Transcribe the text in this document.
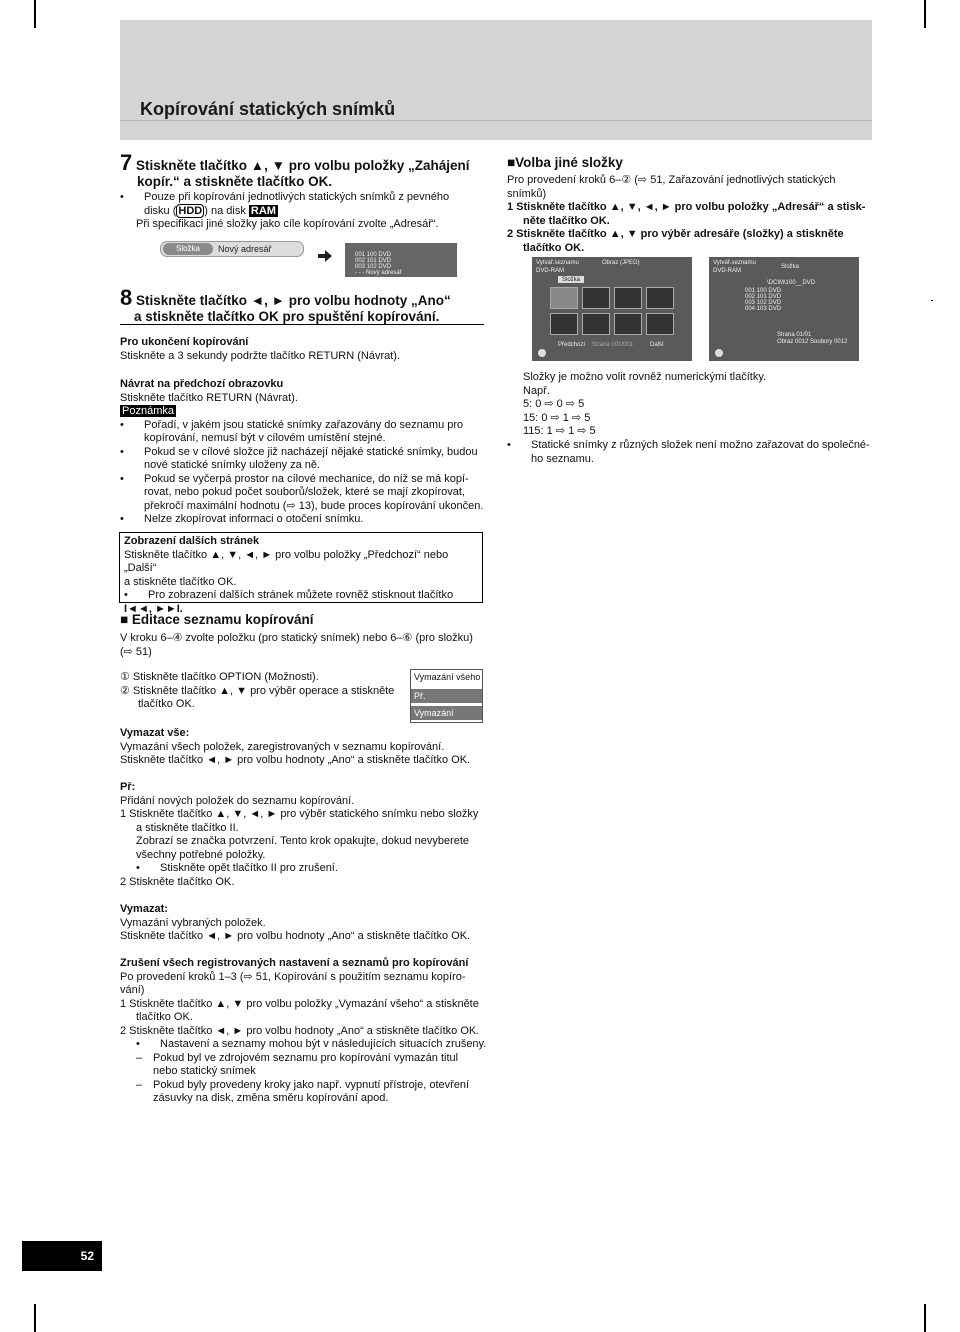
Kopírování statických snímků
7 Stiskněte tlačítko ▲, ▼ pro volbu položky „Zahájení
kopír.“ a stiskněte tlačítko OK.
• Pouze při kopírování jednotlivých statických snímků z pevného
disku ( HDD ) na disk RAM
Při specifikaci jiné složky jako cíle kopírování zvolte „Adresář“.
Složka	Nový adresář
001 100 DVD
002 101 DVD
003 102 DVD
- - - Nový adresář
8 Stiskněte tlačítko ◄, ► pro volbu hodnoty „Ano“
a stiskněte tlačítko OK pro spuštění kopírování.
Pro ukončení kopírování
Stiskněte a 3 sekundy podržte tlačítko RETURN (Návrat).
Návrat na předchozí obrazovku
Stiskněte tlačítko RETURN (Návrat).
Poznámka
• Pořadí, v jakém jsou statické snímky zařazovány do seznamu pro
kopírování, nemusí být v cílovém umístění stejné.
• Pokud se v cílové složce již nacházejí nějaké statické snímky, budou
nové statické snímky uloženy za ně.
• Pokud se vyčerpá prostor na cílové mechanice, do níž se má kopí-
rovat, nebo pokud počet souborů/složek, které se mají zkopírovat,
překročí maximální hodnotu (⇨ 13), bude proces kopírování ukončen.
• Nelze zkopírovat informaci o otočení snímku.
Zobrazení dalších stránek
Stiskněte tlačítko ▲, ▼, ◄, ► pro volbu položky „Předchozí“ nebo „Další“
a stiskněte tlačítko OK.
• Pro zobrazení dalších stránek můžete rovněž stisknout tlačítko
I◄◄, ►►I.
■ Editace seznamu kopírování
V kroku 6–④ zvolte položku (pro statický snímek) nebo 6–⑥ (pro složku)
(⇨ 51)
① Stiskněte tlačítko OPTION (Možnosti).
② Stiskněte tlačítko ▲, ▼ pro výběr operace a stiskněte
tlačítko OK.
Vymazání všeho
Př.
Vymazání
Vymazat vše:
Vymazání všech položek, zaregistrovaných v seznamu kopírování.
Stiskněte tlačítko ◄, ► pro volbu hodnoty „Ano“ a stiskněte tlačítko OK.
Př:
Přidání nových položek do seznamu kopírování.
1 Stiskněte tlačítko ▲, ▼, ◄, ► pro výběr statického snímku nebo složky
a stiskněte tlačítko II.
Zobrazí se značka potvrzení. Tento krok opakujte, dokud nevyberete
všechny potřebné položky.
• Stiskněte opět tlačítko II pro zrušení.
2 Stiskněte tlačítko OK.
Vymazat:
Vymazání vybraných položek.
Stiskněte tlačítko ◄, ► pro volbu hodnoty „Ano“ a stiskněte tlačítko OK.
Zrušení všech registrovaných nastavení a seznamů pro kopírování
Po provedení kroků 1–3 (⇨ 51, Kopírování s použitím seznamu kopíro-
vání)
1 Stiskněte tlačítko ▲, ▼ pro volbu položky „Vymazání všeho“ a stiskněte
tlačítko OK.
2 Stiskněte tlačítko ◄, ► pro volbu hodnoty „Ano“ a stiskněte tlačítko OK.
• Nastavení a seznamy mohou být v následujících situacích zrušeny.
– Pokud byl ve zdrojovém seznamu pro kopírování vymazán titul
nebo statický snímek
– Pokud byly provedeny kroky jako např. vypnutí přístroje, otevření
zásuvky na disk, změna směru kopírování apod.
■Volba jiné složky
Pro provedení kroků 6–② (⇨ 51, Zařazování jednotlivých statických
snímků)
1 Stiskněte tlačítko ▲, ▼, ◄, ► pro volbu položky „Adresář“ a stisk-
něte tlačítko OK.
2 Stiskněte tlačítko ▲, ▼ pro výběr adresáře (složky) a stiskněte
tlačítko OK.
Vytvář.seznamu	Obraz (JPEG)
DVD-RAM
Složka
Předchozí Strana 001/001	Další
Vytvář.seznamu
DVD-RAM
Složka
\DCIM\100__DVD
001 100 DVD
002 101 DVD
003 102 DVD
004 103 DVD
Strana 01/01
Obraz 0012 Soubory 0012
Složky je možno volit rovněž numerickými tlačítky.
Např.
5: 0 ⇨ 0 ⇨ 5
15: 0 ⇨ 1 ⇨ 5
115: 1 ⇨ 1 ⇨ 5
• Statické snímky z různých složek není možno zařazovat do společné-
ho seznamu.
52
